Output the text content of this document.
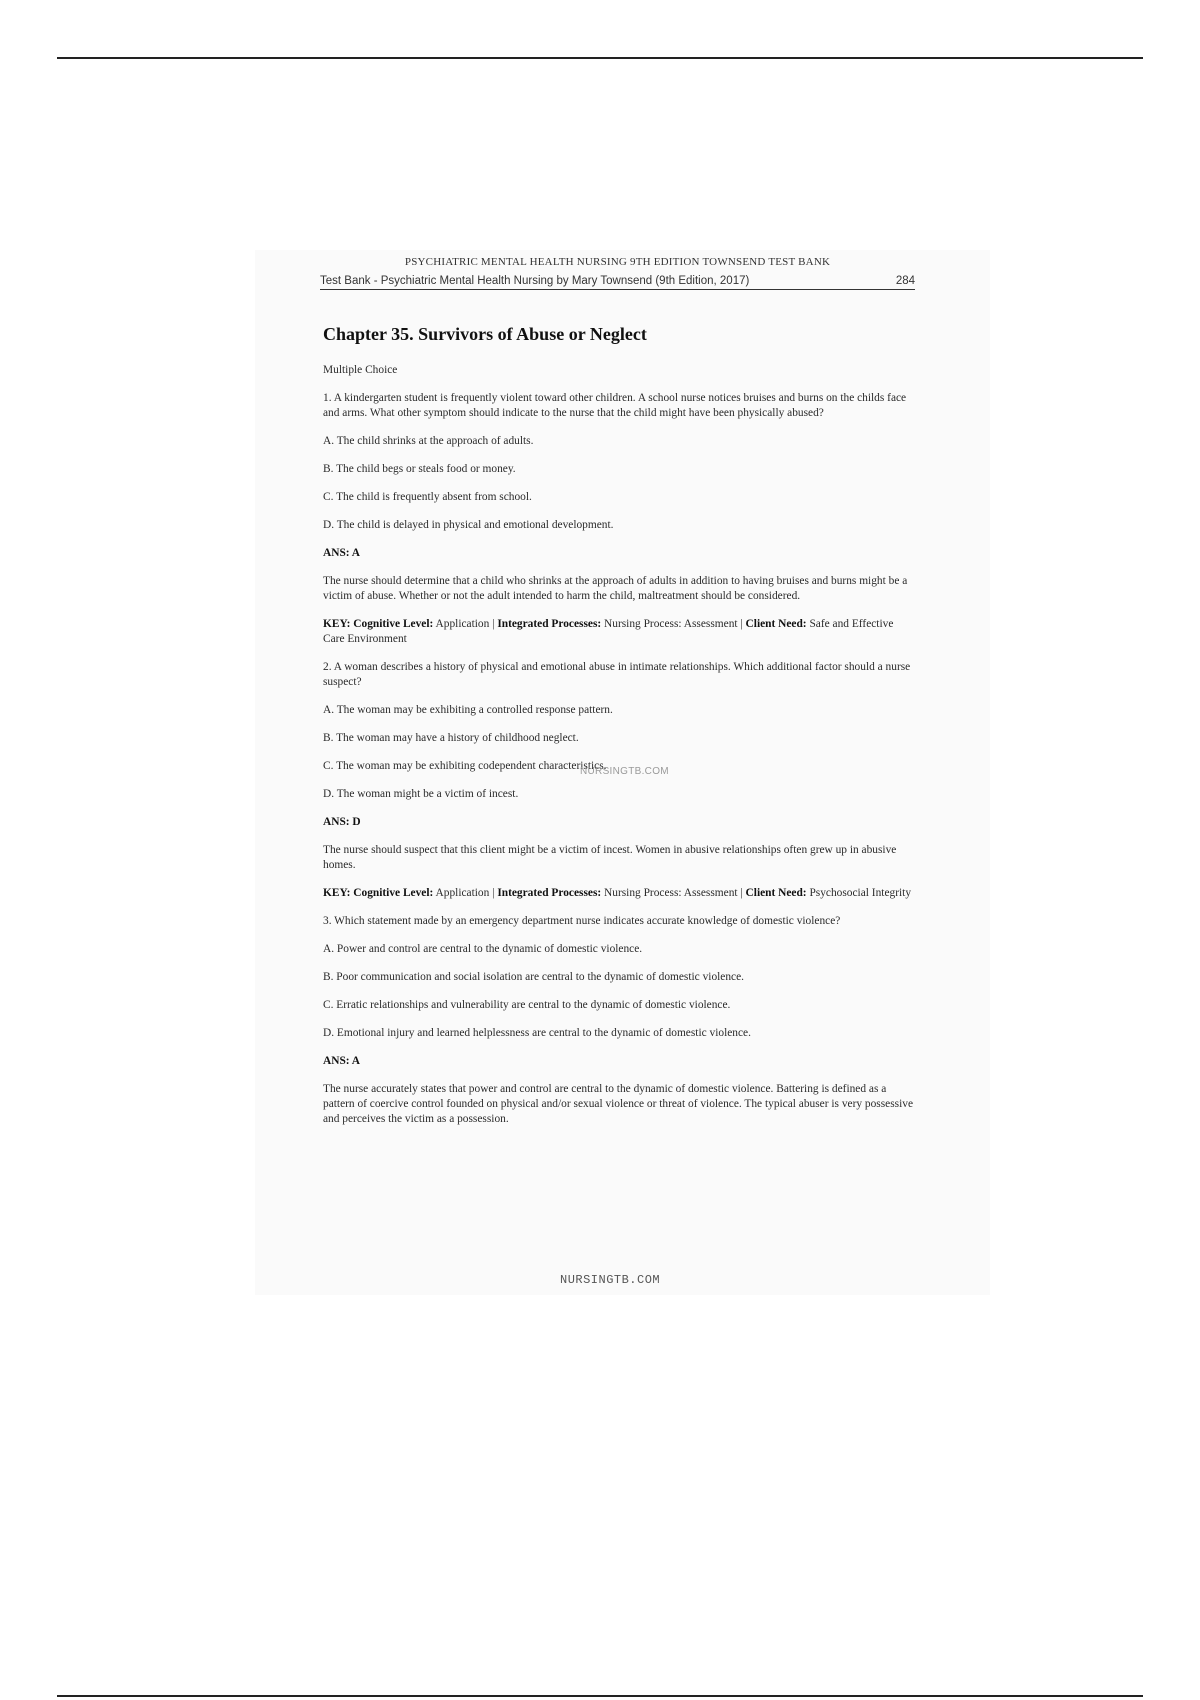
PSYCHIATRIC MENTAL HEALTH NURSING 9TH EDITION TOWNSEND TEST BANK
Test Bank - Psychiatric Mental Health Nursing by Mary Townsend (9th Edition, 2017)	284
Chapter 35. Survivors of Abuse or Neglect
Multiple Choice
1. A kindergarten student is frequently violent toward other children. A school nurse notices bruises and burns on the childs face and arms. What other symptom should indicate to the nurse that the child might have been physically abused?
A. The child shrinks at the approach of adults.
B. The child begs or steals food or money.
C. The child is frequently absent from school.
D. The child is delayed in physical and emotional development.
ANS: A
The nurse should determine that a child who shrinks at the approach of adults in addition to having bruises and burns might be a victim of abuse. Whether or not the adult intended to harm the child, maltreatment should be considered.
KEY: Cognitive Level: Application | Integrated Processes: Nursing Process: Assessment | Client Need: Safe and Effective Care Environment
2. A woman describes a history of physical and emotional abuse in intimate relationships. Which additional factor should a nurse suspect?
A. The woman may be exhibiting a controlled response pattern.
B. The woman may have a history of childhood neglect.
C. The woman may be exhibiting codependent characteristics.
D. The woman might be a victim of incest.
ANS: D
The nurse should suspect that this client might be a victim of incest. Women in abusive relationships often grew up in abusive homes.
KEY: Cognitive Level: Application | Integrated Processes: Nursing Process: Assessment | Client Need: Psychosocial Integrity
3. Which statement made by an emergency department nurse indicates accurate knowledge of domestic violence?
A. Power and control are central to the dynamic of domestic violence.
B. Poor communication and social isolation are central to the dynamic of domestic violence.
C. Erratic relationships and vulnerability are central to the dynamic of domestic violence.
D. Emotional injury and learned helplessness are central to the dynamic of domestic violence.
ANS: A
The nurse accurately states that power and control are central to the dynamic of domestic violence. Battering is defined as a pattern of coercive control founded on physical and/or sexual violence or threat of violence. The typical abuser is very possessive and perceives the victim as a possession.
NURSINGTB.COM
NURSINGTB.COM
